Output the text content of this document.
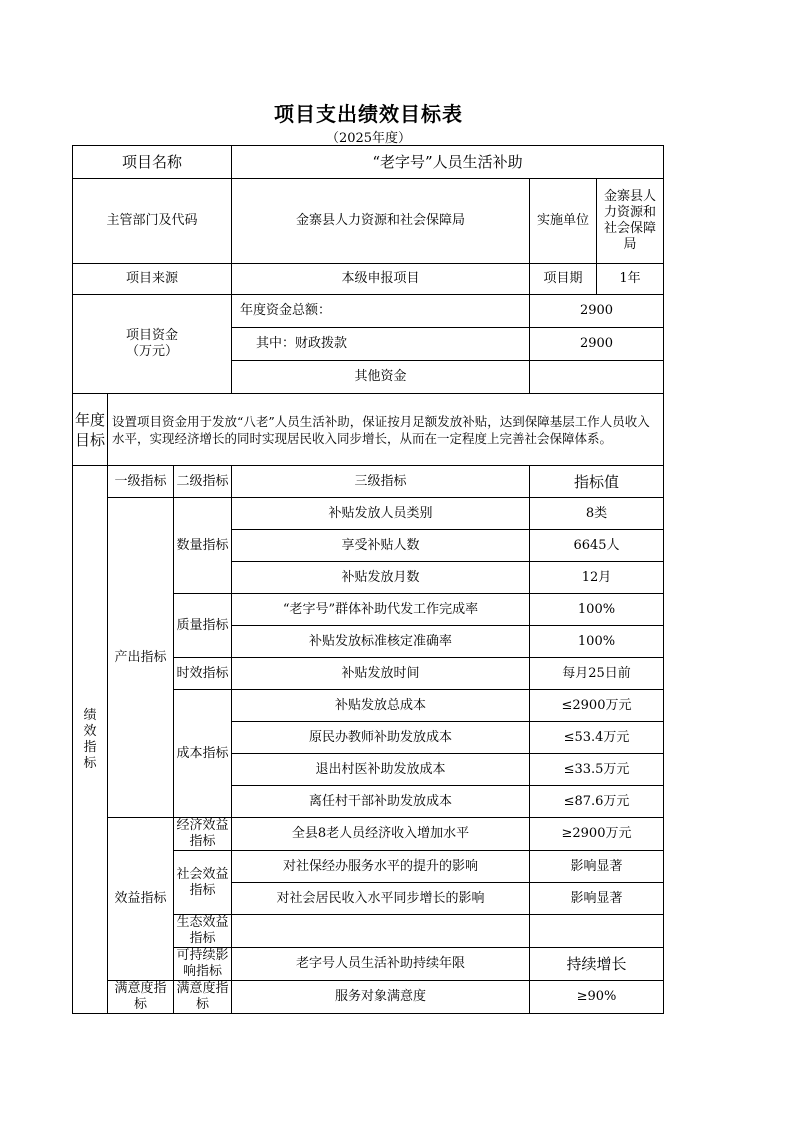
项目支出绩效目标表
（2025年度）
项目名称			“老字号”人员生活补助		
主管部门及代码			金寨县人力资源和社会保障局	实施单位	金寨县人力资源和社会保障局
项目来源			本级申报项目	项目期	1年

项目资金
（万元）			年度资金总额：	2900	
			其中：财政拨款	2900	
			其他资金		
年度目标	设置项目资金用于发放“八老”人员生活补助，保证按月足额发放补贴，达到保障基层工作人员收入水平，实现经济增长的同时实现居民收入同步增长，从而在一定程度上完善社会保障体系。				

绩效指标	一级指标	二级指标	三级指标	指标值	
	产出指标	数量指标	补贴发放人员类别	8类	
			享受补贴人数	6645人	
			补贴发放月数	12月	
		质量指标	“老字号”群体补助代发工作完成率	100%	
			补贴发放标准核定准确率	100%	
		时效指标	补贴发放时间	每月25日前	
		成本指标	补贴发放总成本	≤2900万元	
			原民办教师补助发放成本	≤53.4万元	
			退出村医补助发放成本	≤33.5万元	
			离任村干部补助发放成本	≤87.6万元	
	效益指标	经济效益指标	全县8老人员经济收入增加水平	≥2900万元	
		社会效益指标	对社保经办服务水平的提升的影响	影响显著	
			对社会居民收入水平同步增长的影响	影响显著	
		生态效益指标			
		可持续影响指标	老字号人员生活补助持续年限	持续增长	
	满意度指标	满意度指标	服务对象满意度	≥90%	
